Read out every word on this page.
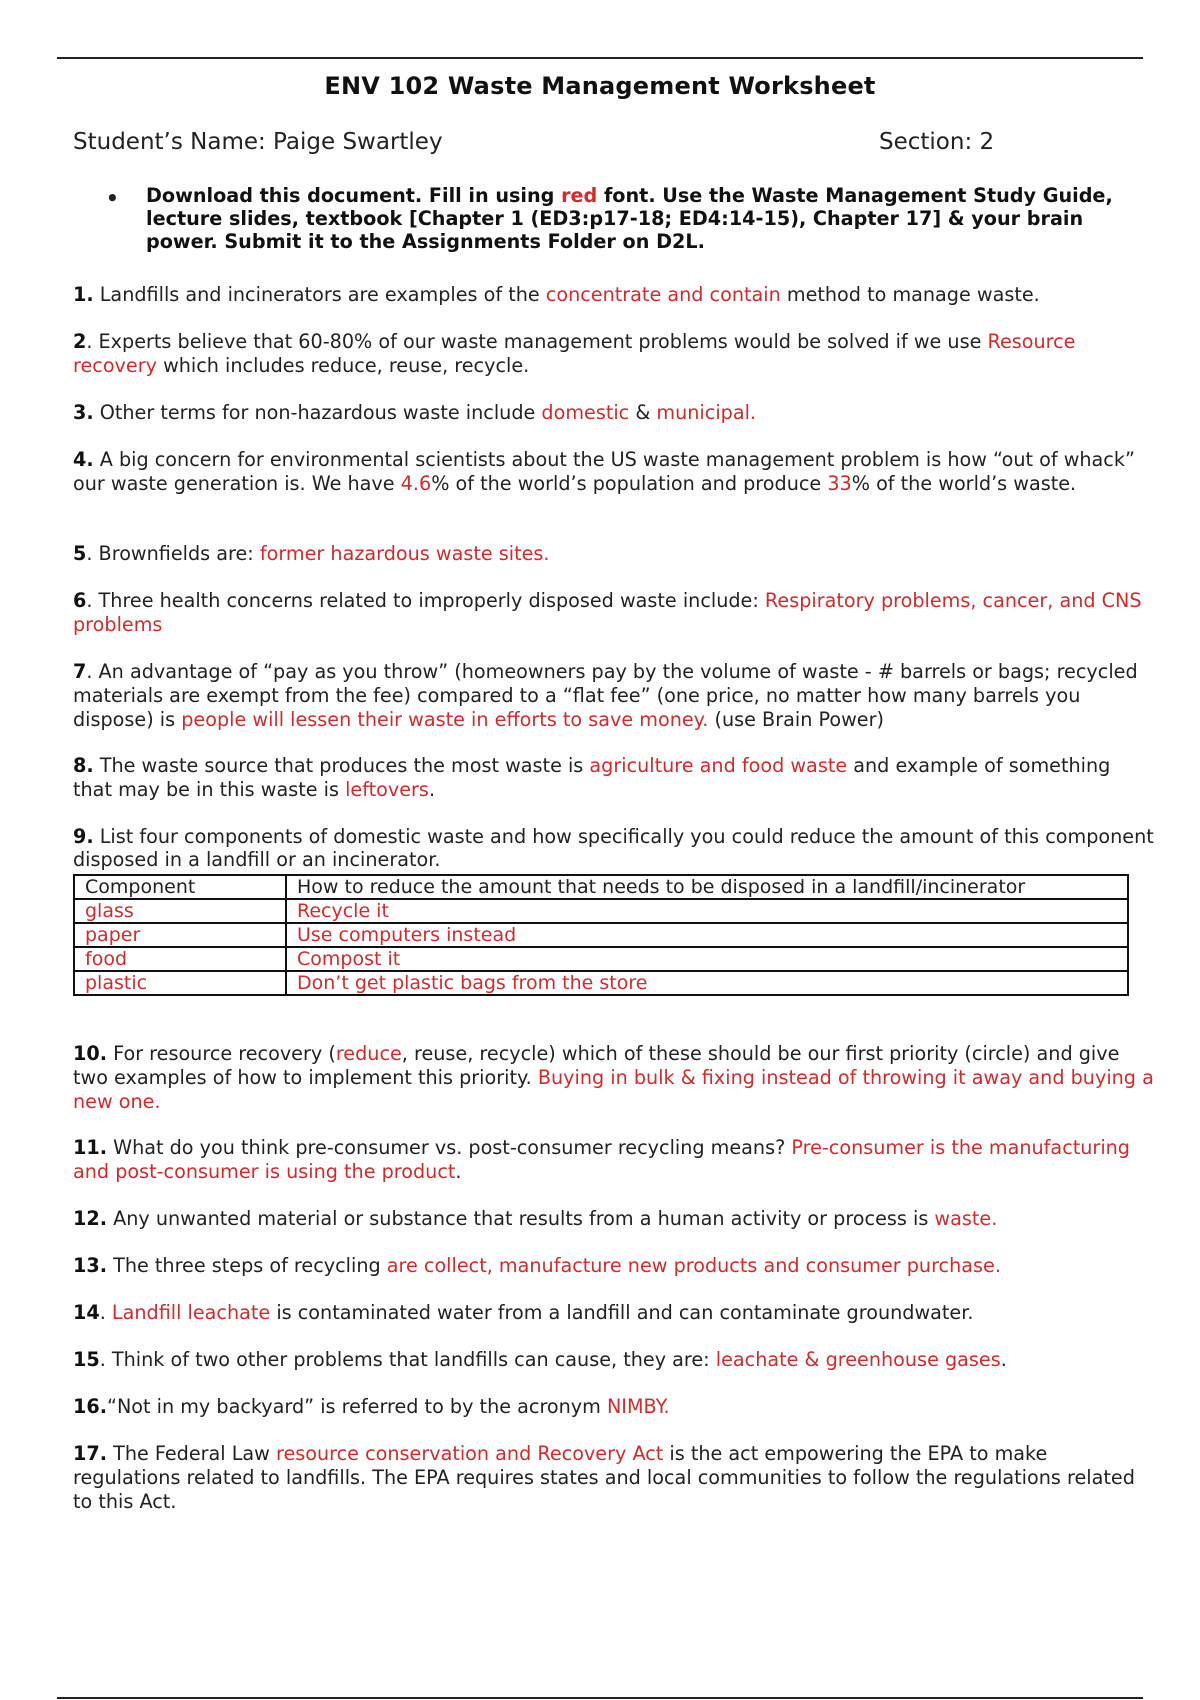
ENV 102 Waste Management Worksheet
Student’s Name: Paige Swartley	Section: 2
• Download this document. Fill in using red font. Use the Waste Management Study Guide, lecture slides, textbook [Chapter 1 (ED3:p17-18; ED4:14-15), Chapter 17] & your brain power. Submit it to the Assignments Folder on D2L.
1. Landfills and incinerators are examples of the concentrate and contain method to manage waste.
2. Experts believe that 60-80% of our waste management problems would be solved if we use Resource recovery which includes reduce, reuse, recycle.
3. Other terms for non-hazardous waste include domestic & municipal.
4. A big concern for environmental scientists about the US waste management problem is how “out of whack” our waste generation is. We have 4.6% of the world’s population and produce 33% of the world’s waste.
5. Brownfields are: former hazardous waste sites.
6. Three health concerns related to improperly disposed waste include: Respiratory problems, cancer, and CNS problems
7. An advantage of “pay as you throw” (homeowners pay by the volume of waste - # barrels or bags; recycled materials are exempt from the fee) compared to a “flat fee” (one price, no matter how many barrels you dispose) is people will lessen their waste in efforts to save money. (use Brain Power)
8. The waste source that produces the most waste is agriculture and food waste and example of something that may be in this waste is leftovers.
9. List four components of domestic waste and how specifically you could reduce the amount of this component disposed in a landfill or an incinerator.
Component	How to reduce the amount that needs to be disposed in a landfill/incinerator
glass	Recycle it
paper	Use computers instead
food	Compost it
plastic	Don’t get plastic bags from the store
10. For resource recovery (reduce, reuse, recycle) which of these should be our first priority (circle) and give two examples of how to implement this priority. Buying in bulk & fixing instead of throwing it away and buying a new one.
11. What do you think pre-consumer vs. post-consumer recycling means? Pre-consumer is the manufacturing and post-consumer is using the product.
12. Any unwanted material or substance that results from a human activity or process is waste.
13. The three steps of recycling are collect, manufacture new products and consumer purchase.
14. Landfill leachate is contaminated water from a landfill and can contaminate groundwater.
15. Think of two other problems that landfills can cause, they are: leachate & greenhouse gases.
16.“Not in my backyard” is referred to by the acronym NIMBY.
17. The Federal Law resource conservation and Recovery Act is the act empowering the EPA to make regulations related to landfills. The EPA requires states and local communities to follow the regulations related to this Act.
